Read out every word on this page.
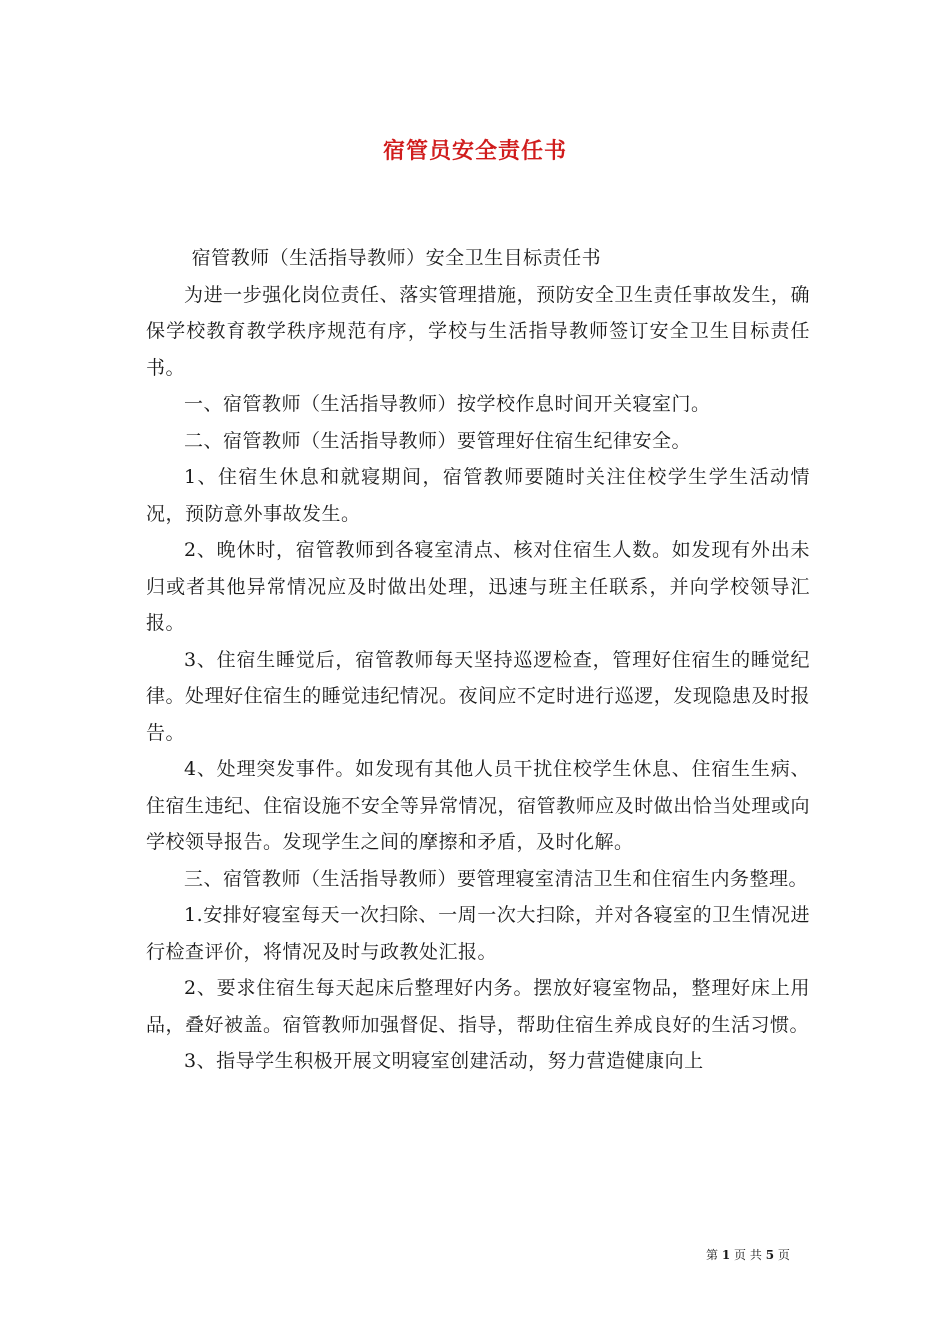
宿管员安全责任书

宿管教师（生活指导教师）安全卫生目标责任书

为进一步强化岗位责任、落实管理措施，预防安全卫生责任事故发生，确保学校教育教学秩序规范有序，学校与生活指导教师签订安全卫生目标责任书。

一、宿管教师（生活指导教师）按学校作息时间开关寝室门。

二、宿管教师（生活指导教师）要管理好住宿生纪律安全。

1、住宿生休息和就寝期间，宿管教师要随时关注住校学生学生活动情况，预防意外事故发生。

2、晚休时，宿管教师到各寝室清点、核对住宿生人数。如发现有外出未归或者其他异常情况应及时做出处理，迅速与班主任联系，并向学校领导汇报。

3、住宿生睡觉后，宿管教师每天坚持巡逻检查，管理好住宿生的睡觉纪律。处理好住宿生的睡觉违纪情况。夜间应不定时进行巡逻，发现隐患及时报告。

4、处理突发事件。如发现有其他人员干扰住校学生休息、住宿生生病、住宿生违纪、住宿设施不安全等异常情况，宿管教师应及时做出恰当处理或向学校领导报告。发现学生之间的摩擦和矛盾，及时化解。

三、宿管教师（生活指导教师）要管理寝室清洁卫生和住宿生内务整理。

1.安排好寝室每天一次扫除、一周一次大扫除，并对各寝室的卫生情况进行检查评价，将情况及时与政教处汇报。

2、要求住宿生每天起床后整理好内务。摆放好寝室物品，整理好床上用品，叠好被盖。宿管教师加强督促、指导，帮助住宿生养成良好的生活习惯。

3、指导学生积极开展文明寝室创建活动，努力营造健康向上

第 1 页 共 5 页
